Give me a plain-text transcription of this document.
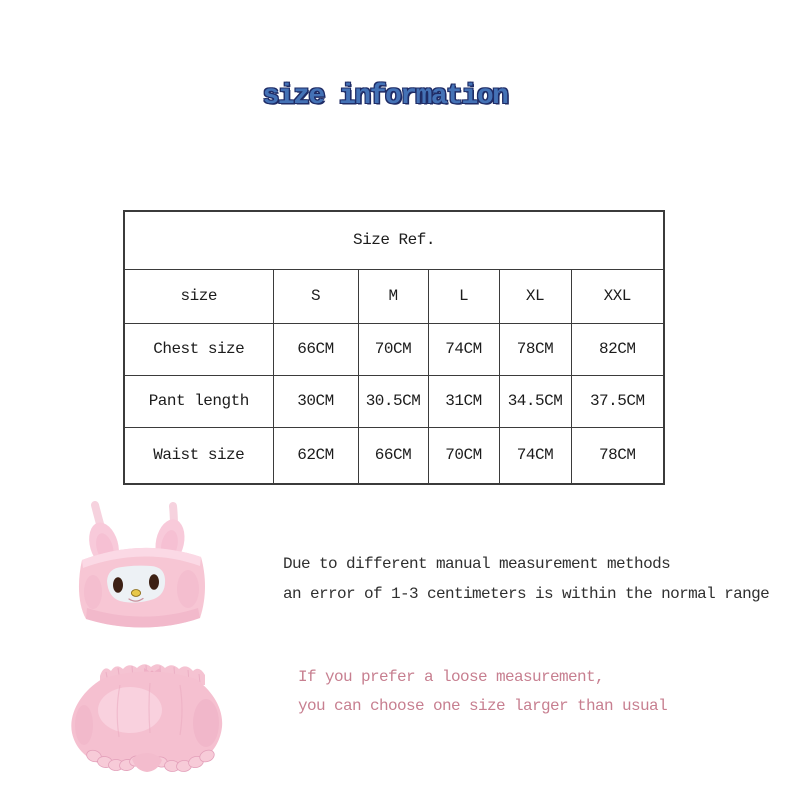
size information
Size Ref.					
size	S	M	L	XL	XXL
Chest size	66CM	70CM	74CM	78CM	82CM
Pant length	30CM	30.5CM	31CM	34.5CM	37.5CM
Waist size	62CM	66CM	70CM	74CM	78CM
Due to different manual measurement methods
an error of 1-3 centimeters is within the normal range
If you prefer a loose measurement,
you can choose one size larger than usual
